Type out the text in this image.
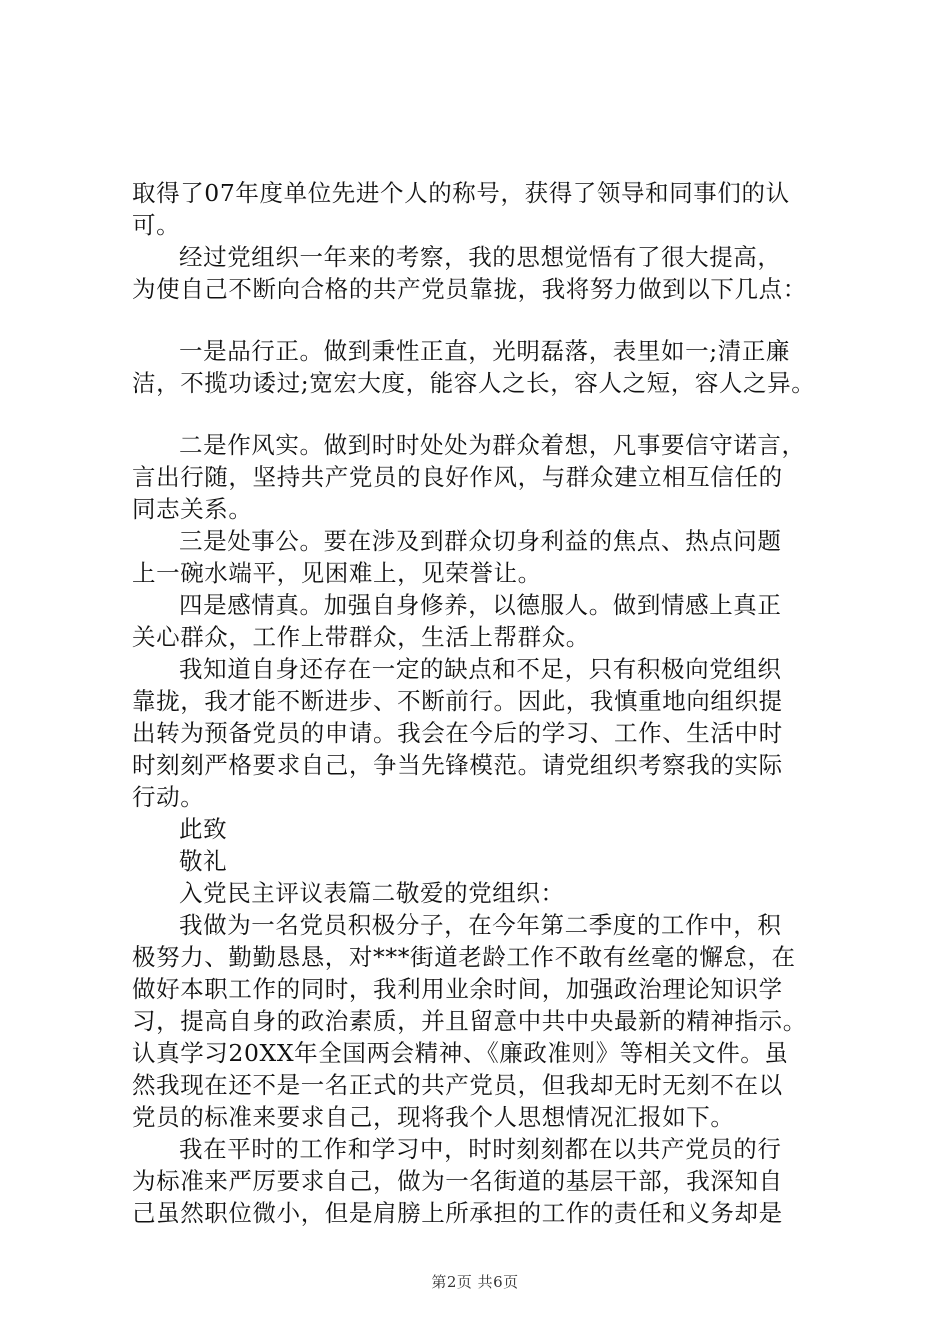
取得了07年度单位先进个人的称号，获得了领导和同事们的认
可。
经过党组织一年来的考察，我的思想觉悟有了很大提高，
为使自己不断向合格的共产党员靠拢，我将努力做到以下几点：
一是品行正。做到秉性正直，光明磊落，表里如一;清正廉
洁，不揽功诿过;宽宏大度，能容人之长，容人之短，容人之异。
二是作风实。做到时时处处为群众着想，凡事要信守诺言，
言出行随，坚持共产党员的良好作风，与群众建立相互信任的
同志关系。
三是处事公。要在涉及到群众切身利益的焦点、热点问题
上一碗水端平，见困难上，见荣誉让。
四是感情真。加强自身修养，以德服人。做到情感上真正
关心群众，工作上带群众，生活上帮群众。
我知道自身还存在一定的缺点和不足，只有积极向党组织
靠拢，我才能不断进步、不断前行。因此，我慎重地向组织提
出转为预备党员的申请。我会在今后的学习、工作、生活中时
时刻刻严格要求自己，争当先锋模范。请党组织考察我的实际
行动。
此致
敬礼
入党民主评议表篇二敬爱的党组织：
我做为一名党员积极分子，在今年第二季度的工作中，积
极努力、勤勤恳恳，对***街道老龄工作不敢有丝毫的懈怠，在
做好本职工作的同时，我利用业余时间，加强政治理论知识学
习，提高自身的政治素质，并且留意中共中央最新的精神指示。
认真学习20XX年全国两会精神、《廉政准则》等相关文件。虽
然我现在还不是一名正式的共产党员，但我却无时无刻不在以
党员的标准来要求自己，现将我个人思想情况汇报如下。
我在平时的工作和学习中，时时刻刻都在以共产党员的行
为标准来严厉要求自己，做为一名街道的基层干部，我深知自
己虽然职位微小，但是肩膀上所承担的工作的责任和义务却是
第2页 共6页
